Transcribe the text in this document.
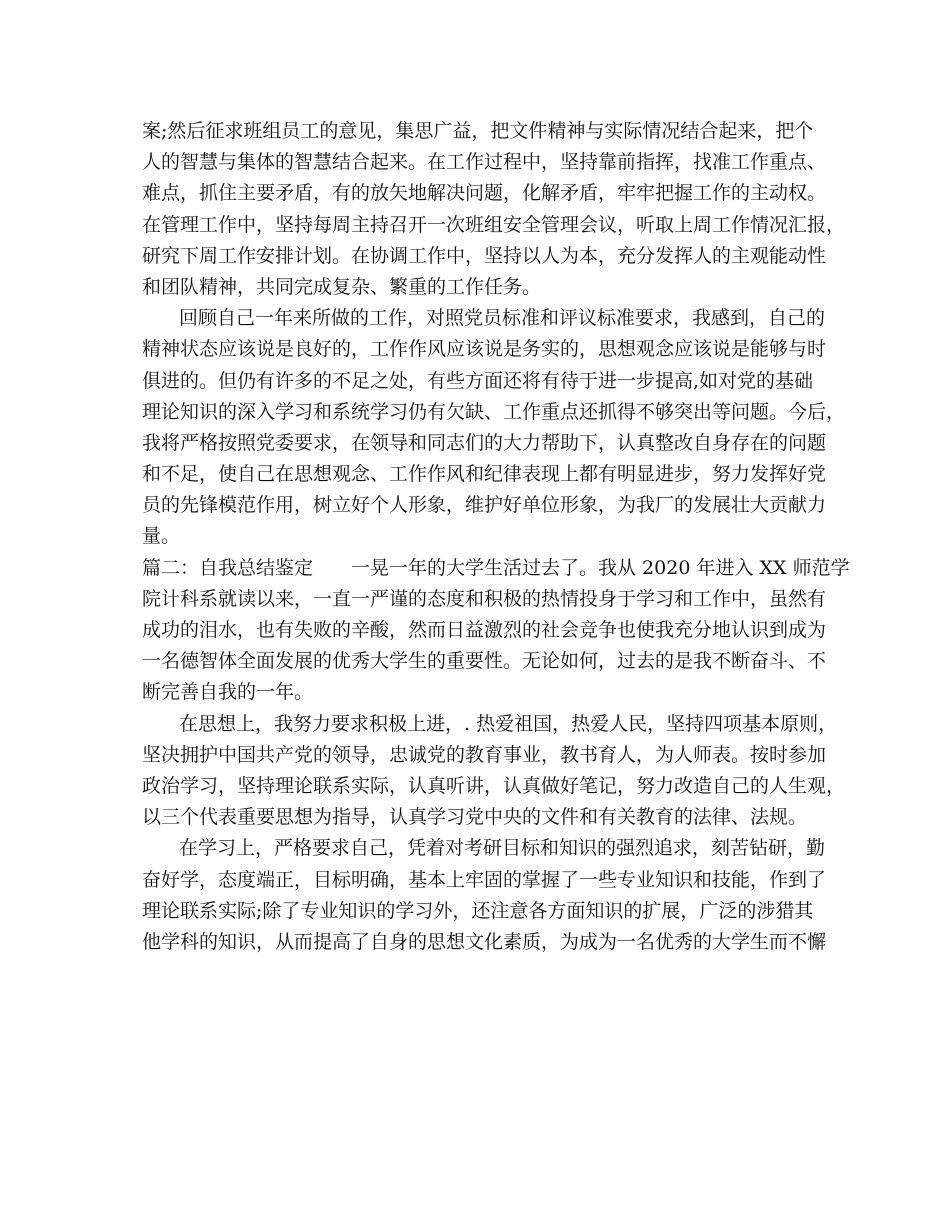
案;然后征求班组员工的意见，集思广益，把文件精神与实际情况结合起来，把个
人的智慧与集体的智慧结合起来。在工作过程中，坚持靠前指挥，找准工作重点、
难点，抓住主要矛盾，有的放矢地解决问题，化解矛盾，牢牢把握工作的主动权。
在管理工作中，坚持每周主持召开一次班组安全管理会议，听取上周工作情况汇报，
研究下周工作安排计划。在协调工作中，坚持以人为本，充分发挥人的主观能动性
和团队精神，共同完成复杂、繁重的工作任务。
回顾自己一年来所做的工作，对照党员标准和评议标准要求，我感到，自己的
精神状态应该说是良好的，工作作风应该说是务实的，思想观念应该说是能够与时
俱进的。但仍有许多的不足之处，有些方面还将有待于进一步提高,如对党的基础
理论知识的深入学习和系统学习仍有欠缺、工作重点还抓得不够突出等问题。今后，
我将严格按照党委要求，在领导和同志们的大力帮助下，认真整改自身存在的问题
和不足，使自己在思想观念、工作作风和纪律表现上都有明显进步，努力发挥好党
员的先锋模范作用，树立好个人形象，维护好单位形象，为我厂的发展壮大贡献力
量。
篇二：自我总结鉴定 一晃一年的大学生活过去了。我从 2020 年进入 XX 师范学
院计科系就读以来，一直一严谨的态度和积极的热情投身于学习和工作中，虽然有
成功的泪水，也有失败的辛酸，然而日益激烈的社会竞争也使我充分地认识到成为
一名德智体全面发展的优秀大学生的重要性。无论如何，过去的是我不断奋斗、不
断完善自我的一年。
在思想上，我努力要求积极上进，. 热爱祖国，热爱人民，坚持四项基本原则，
坚决拥护中国共产党的领导，忠诚党的教育事业，教书育人，为人师表。按时参加
政治学习，坚持理论联系实际，认真听讲，认真做好笔记，努力改造自己的人生观，
以三个代表重要思想为指导，认真学习党中央的文件和有关教育的法律、法规。
在学习上，严格要求自己，凭着对考研目标和知识的强烈追求，刻苦钻研，勤
奋好学，态度端正，目标明确，基本上牢固的掌握了一些专业知识和技能，作到了
理论联系实际;除了专业知识的学习外，还注意各方面知识的扩展，广泛的涉猎其
他学科的知识，从而提高了自身的思想文化素质，为成为一名优秀的大学生而不懈
